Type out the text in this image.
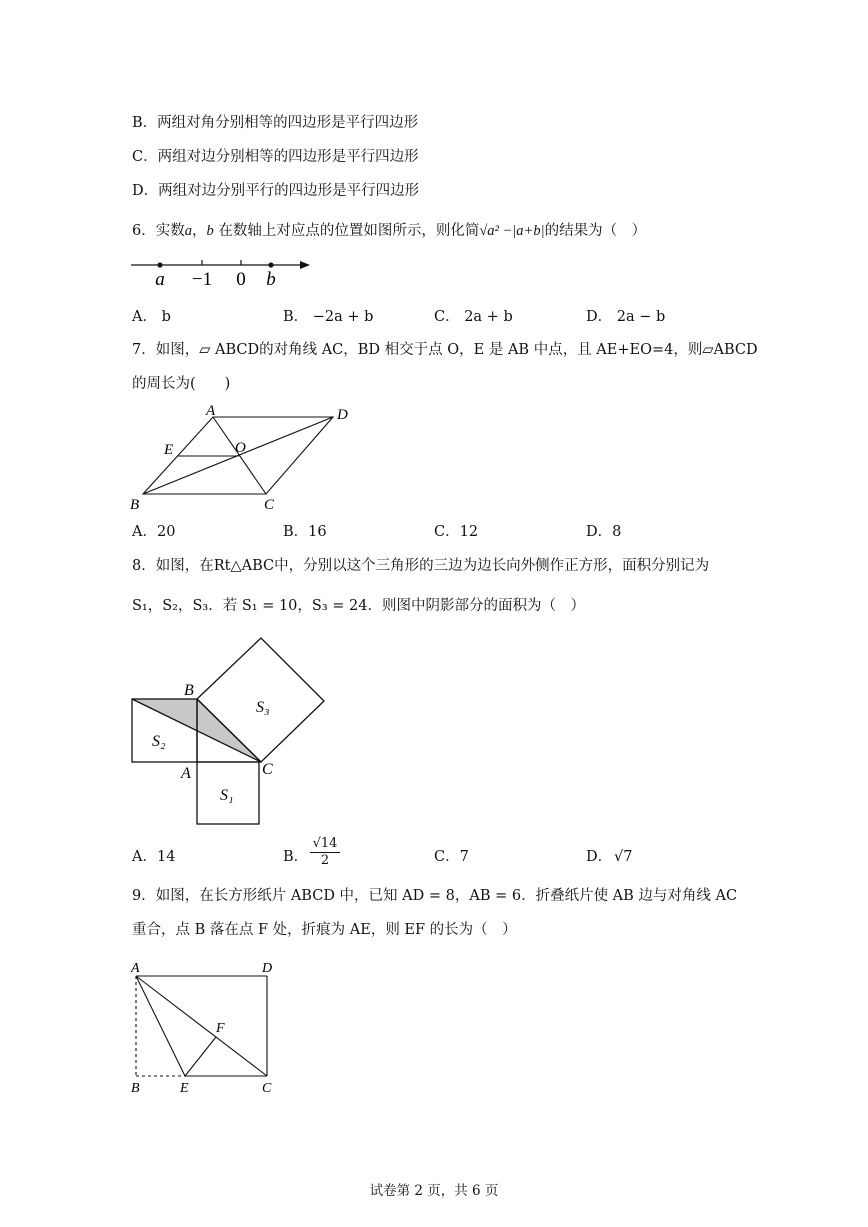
B．两组对角分别相等的四边形是平行四边形
C．两组对边分别相等的四边形是平行四边形
D．两组对边分别平行的四边形是平行四边形
6．实数a，b 在数轴上对应点的位置如图所示，则化简√a² −|a+b|的结果为（　）
a −1 0 b
A． b	B． −2a + b	C． 2a + b	D． 2a − b
7．如图，▱ ABCD的对角线 AC，BD 相交于点 O，E 是 AB 中点，且 AE+EO=4，则▱ABCD
的周长为(　　)
A	D
E	O
B	C
A．20	B．16	C．12	D．8
8．如图，在Rt△ABC中，分别以这个三角形的三边为边长向外侧作正方形，面积分别记为
S₁，S₂，S₃．若 S₁ = 10，S₃ = 24．则图中阴影部分的面积为（　）
B
S₃
S₂
A	C
S₁
A．14	B． $\frac{√14}{2}$	C．7	D． √7
9．如图，在长方形纸片 ABCD 中，已知 AD = 8，AB = 6．折叠纸片使 AB 边与对角线 AC
重合，点 B 落在点 F 处，折痕为 AE，则 EF 的长为（　）
A	D
F
B	E	C
试卷第 2 页，共 6 页
